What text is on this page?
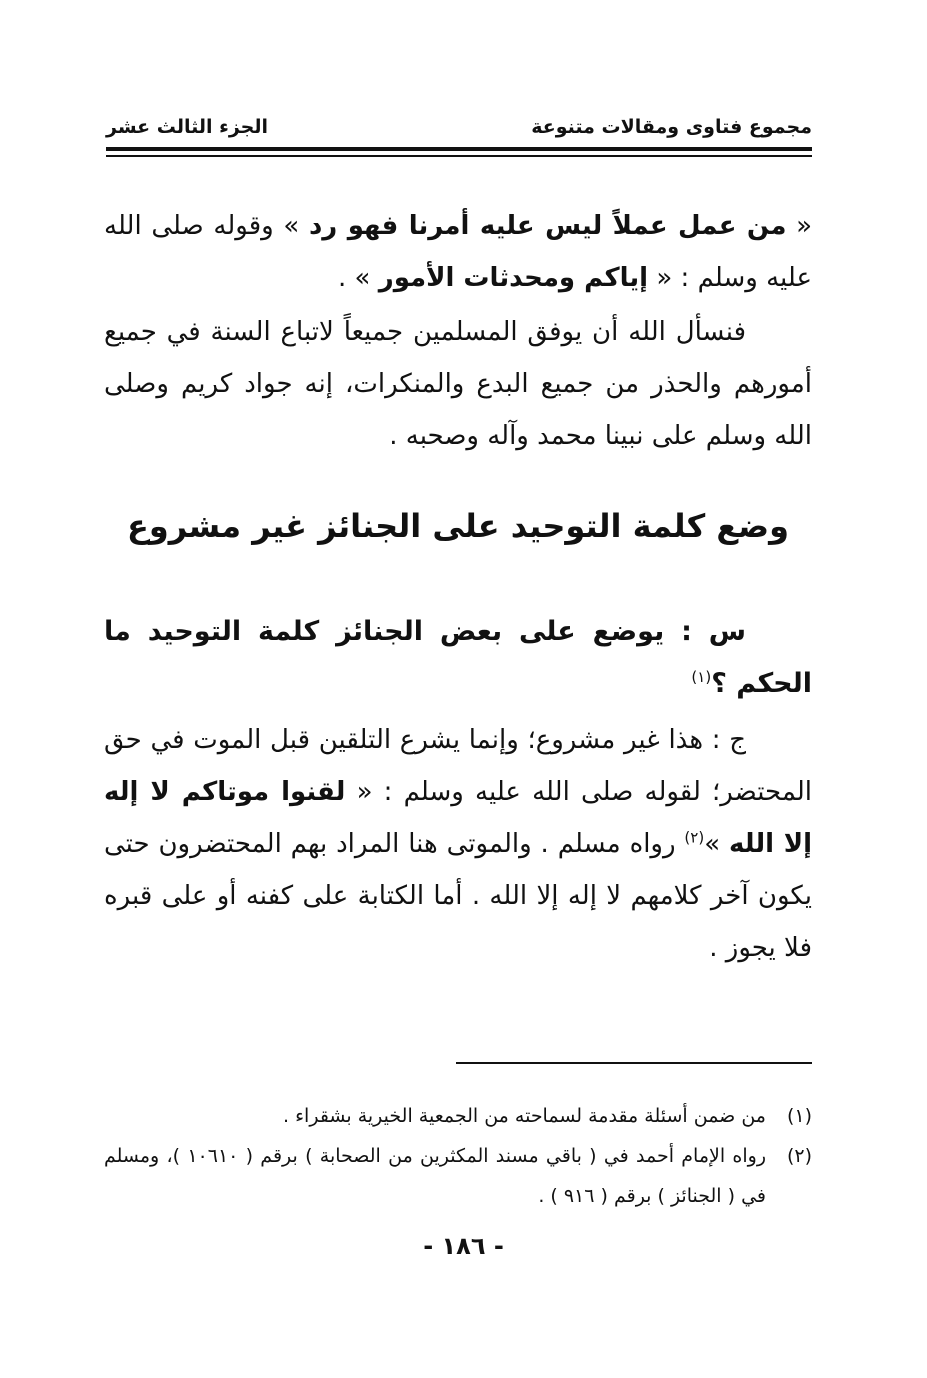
مجموع فتاوى ومقالات متنوعة
الجزء الثالث عشر
« من عمل عملاً ليس عليه أمرنا فهو رد » وقوله صلى الله عليه وسلم : « إياكم ومحدثات الأمور » .
فنسأل الله أن يوفق المسلمين جميعاً لاتباع السنة في جميع أمورهم والحذر من جميع البدع والمنكرات، إنه جواد كريم وصلى الله وسلم على نبينا محمد وآله وصحبه .
وضع كلمة التوحيد على الجنائز غير مشروع
س : يوضع على بعض الجنائز كلمة التوحيد ما الحكم ؟$^{(١)}$
ج : هذا غير مشروع؛ وإنما يشرع التلقين قبل الموت في حق المحتضر؛ لقوله صلى الله عليه وسلم : « لقنوا موتاكم لا إله إلا الله »$^{(٢)}$ رواه مسلم . والموتى هنا المراد بهم المحتضرون حتى يكون آخر كلامهم لا إله إلا الله . أما الكتابة على كفنه أو على قبره فلا يجوز .
(١)
من ضمن أسئلة مقدمة لسماحته من الجمعية الخيرية بشقراء .
(٢)
رواه الإمام أحمد في ( باقي مسند المكثرين من الصحابة ) برقم ( ١٠٦١٠ )، ومسلم في ( الجنائز ) برقم ( ٩١٦ ) .
- ١٨٦ -
